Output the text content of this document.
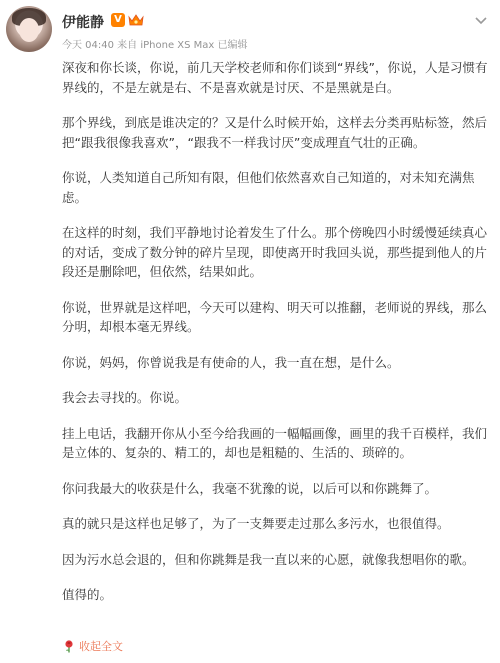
伊能静	V
今天 04:40 来自 iPhone XS Max 已编辑

深夜和你长谈，你说，前几天学校老师和你们谈到“界线”，你说，人是习惯有界线的，不是左就是右、不是喜欢就是讨厌、不是黑就是白。

那个界线，到底是谁决定的？又是什么时候开始，这样去分类再贴标签，然后把“跟我很像我喜欢”，“跟我不一样我讨厌”变成理直气壮的正确。

你说，人类知道自己所知有限，但他们依然喜欢自己知道的，对未知充满焦虑。

在这样的时刻，我们平静地讨论着发生了什么。那个傍晚四小时缓慢延续真心的对话，变成了数分钟的碎片呈现，即使离开时我回头说，那些提到他人的片段还是删除吧，但依然，结果如此。

你说，世界就是这样吧，今天可以建构、明天可以推翻，老师说的界线，那么分明，却根本毫无界线。

你说，妈妈，你曾说我是有使命的人，我一直在想，是什么。

我会去寻找的。你说。

挂上电话，我翻开你从小至今给我画的一幅幅画像，画里的我千百模样，我们是立体的、复杂的、精工的，却也是粗糙的、生活的、琐碎的。

你问我最大的收获是什么，我毫不犹豫的说，以后可以和你跳舞了。

真的就只是这样也足够了，为了一支舞要走过那么多污水，也很值得。

因为污水总会退的，但和你跳舞是我一直以来的心愿，就像我想唱你的歌。

值得的。

收起全文
